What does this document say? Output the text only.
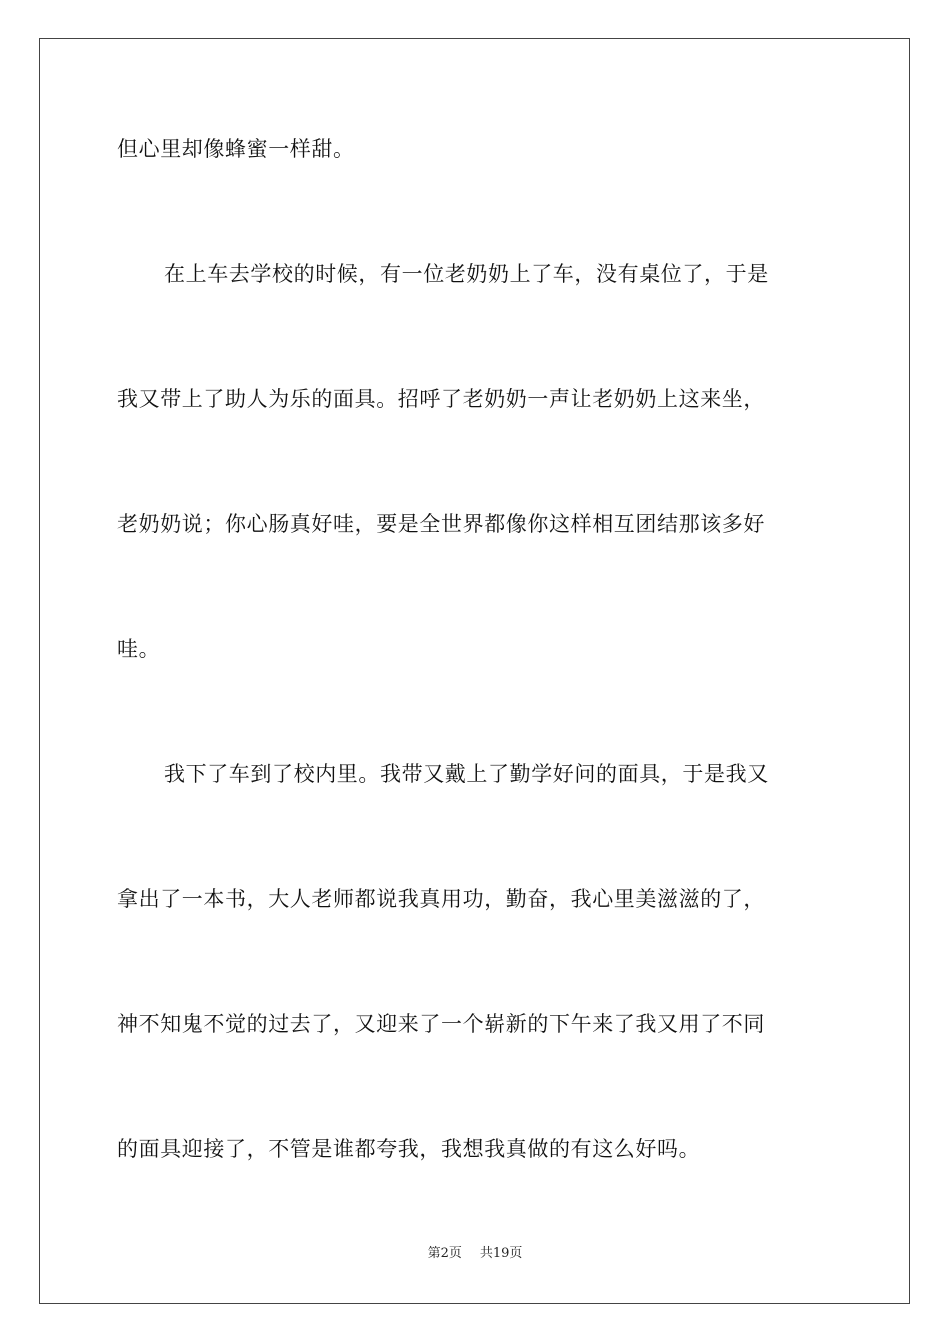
但心里却像蜂蜜一样甜。
在上车去学校的时候，有一位老奶奶上了车，没有桌位了，于是
我又带上了助人为乐的面具。招呼了老奶奶一声让老奶奶上这来坐，
老奶奶说；你心肠真好哇，要是全世界都像你这样相互团结那该多好
哇。
我下了车到了校内里。我带又戴上了勤学好问的面具，于是我又
拿出了一本书，大人老师都说我真用功，勤奋，我心里美滋滋的了，
神不知鬼不觉的过去了，又迎来了一个崭新的下午来了我又用了不同
的面具迎接了，不管是谁都夸我，我想我真做的有这么好吗。
第2页 共19页
